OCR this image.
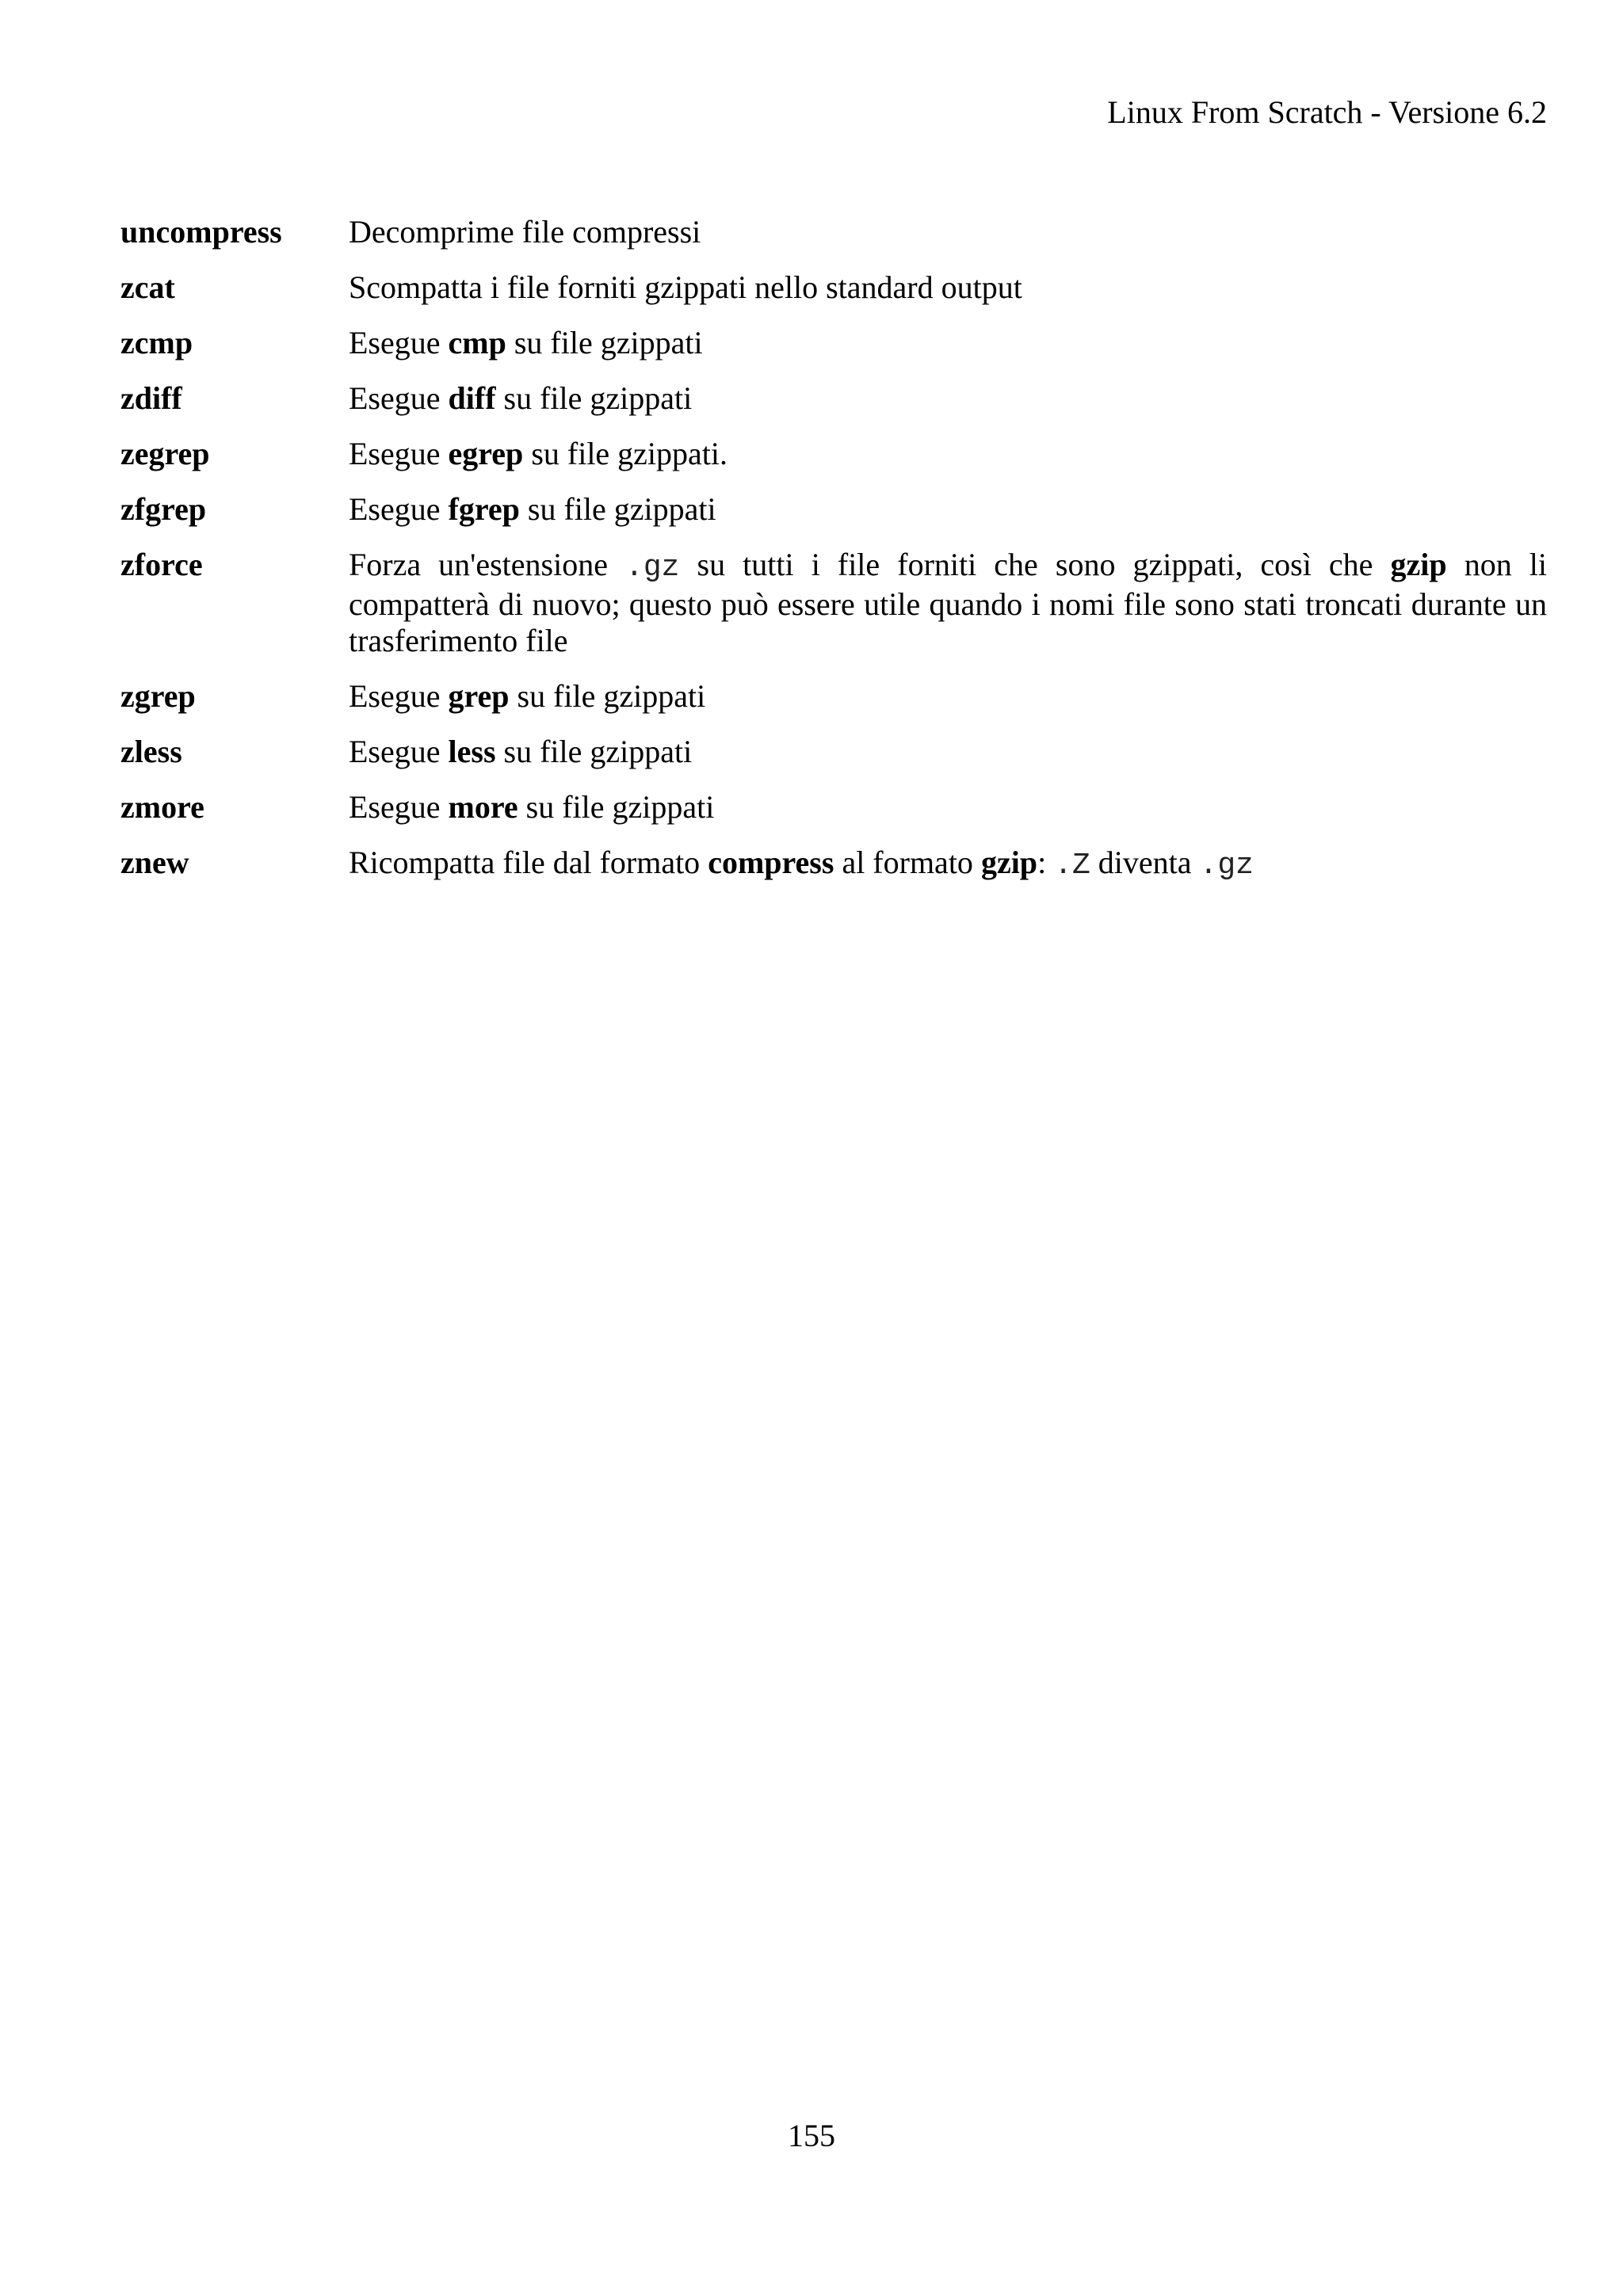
Linux From Scratch - Versione 6.2
uncompress	Decomprime file compressi
zcat	Scompatta i file forniti gzippati nello standard output
zcmp	Esegue cmp su file gzippati
zdiff	Esegue diff su file gzippati
zegrep	Esegue egrep su file gzippati.
zfgrep	Esegue fgrep su file gzippati
zforce	Forza un'estensione .gz su tutti i file forniti che sono gzippati, così che gzip non li compatterà di nuovo; questo può essere utile quando i nomi file sono stati troncati durante un trasferimento file
zgrep	Esegue grep su file gzippati
zless	Esegue less su file gzippati
zmore	Esegue more su file gzippati
znew	Ricompatta file dal formato compress al formato gzip: .Z diventa .gz
155
